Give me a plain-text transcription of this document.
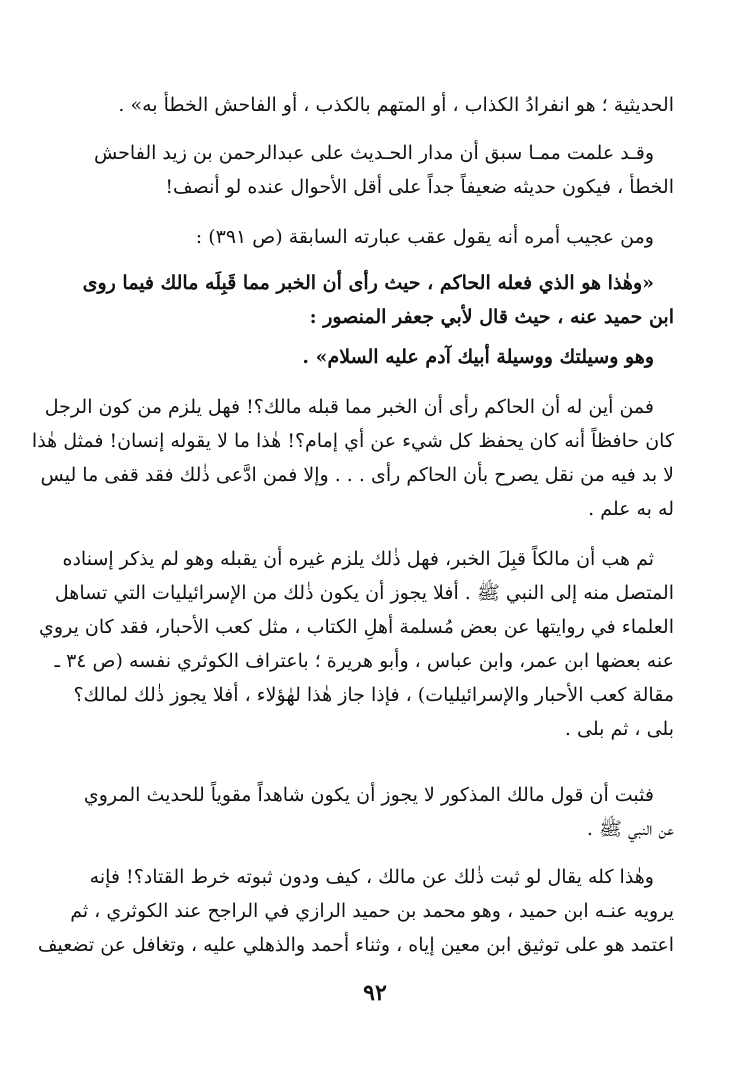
الحديثية ؛ هو انفرادُ الكذاب ، أو المتهم بالكذب ، أو الفاحش الخطأ به» .
وقـد علمت ممـا سبق أن مدار الحـديث على عبدالرحمن بن زيد الفاحش
الخطأ ، فيكون حديثه ضعيفاً جداً على أقل الأحوال عنده لو أنصف!
ومن عجيب أمره أنه يقول عقب عبارته السابقة (ص ٣٩١) :
«وهٰذا هو الذي فعله الحاكم ، حيث رأى أن الخبر مما قَبِلَه مالك فيما روى
ابن حميد عنه ، حيث قال لأبي جعفر المنصور :
وهو وسيلتك ووسيلة أبيك آدم عليه السلام» .
فمن أين له أن الحاكم رأى أن الخبر مما قبله مالك؟! فهل يلزم من كون الرجل
كان حافظاً أنه كان يحفظ كل شيء عن أي إمام؟! هٰذا ما لا يقوله إنسان! فمثل هٰذا
لا بد فيه من نقل يصرح بأن الحاكم رأى . . . وإلا فمن ادَّعى ذٰلك فقد قفى ما ليس
له به علم .
ثم هب أن مالكاً قبِلَ الخبر، فهل ذٰلك يلزم غيره أن يقبله وهو لم يذكر إسناده
المتصل منه إلى النبي ﷺ . أفلا يجوز أن يكون ذٰلك من الإسرائيليات التي تساهل
العلماء في روايتها عن بعض مُسلمة أهلِ الكتاب ، مثل كعب الأحبار، فقد كان يروي
عنه بعضها ابن عمر، وابن عباس ، وأبو هريرة ؛ باعتراف الكوثري نفسه (ص ٣٤ ـ
مقالة كعب الأحبار والإسرائيليات) ، فإذا جاز هٰذا لهٰؤلاء ، أفلا يجوز ذٰلك لمالك؟
بلى ، ثم بلى .
فثبت أن قول مالك المذكور لا يجوز أن يكون شاهداً مقوياً للحديث المروي
عن النبي ﷺ .
وهٰذا كله يقال لو ثبت ذٰلك عن مالك ، كيف ودون ثبوته خرط القتاد؟! فإنه
يرويه عنـه ابن حميد ، وهو محمد بن حميد الرازي في الراجح عند الكوثري ، ثم
اعتمد هو على توثيق ابن معين إياه ، وثناء أحمد والذهلي عليه ، وتغافل عن تضعيف
٩٢
